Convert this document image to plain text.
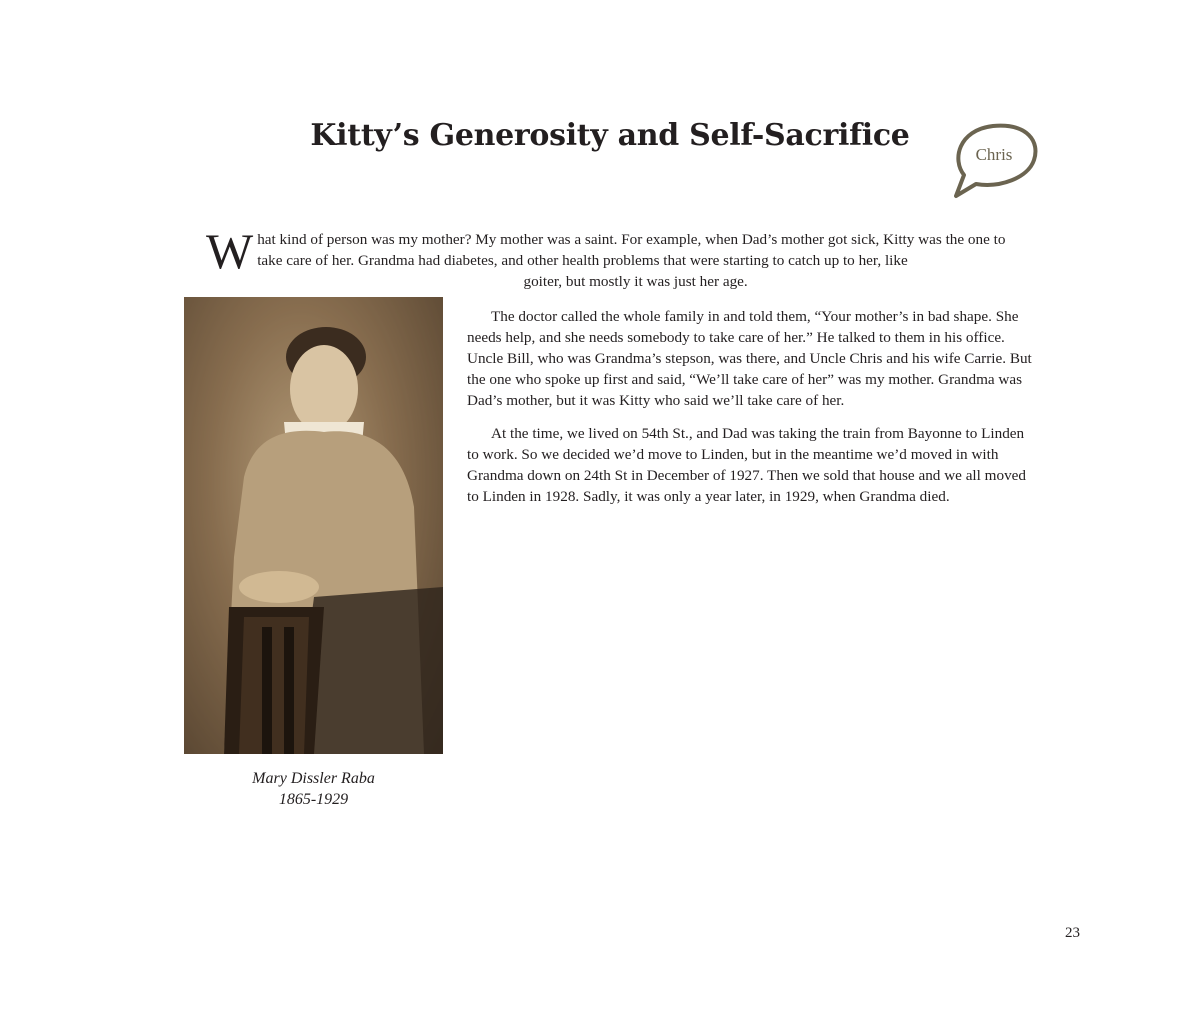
Kitty’s Generosity and Self-Sacrifice
Chris

W hat kind of person was my mother? My mother was a saint. For example, when Dad’s mother got sick, Kitty was the one to take care of her. Grandma had diabetes, and other health problems that were starting to catch up to her, like
goiter, but mostly it was just her age.

Mary Dissler Raba
1865-1929

The doctor called the whole family in and told them, “Your mother’s in bad shape. She needs help, and she needs somebody to take care of her.” He talked to them in his office. Uncle Bill, who was Grandma’s stepson, was there, and Uncle Chris and his wife Carrie. But the one who spoke up first and said, “We’ll take care of her” was my mother. Grandma was Dad’s mother, but it was Kitty who said we’ll take care of her.

At the time, we lived on 54th St., and Dad was taking the train from Bayonne to Linden to work. So we decided we’d move to Linden, but in the meantime we’d moved in with Grandma down on 24th St in December of 1927. Then we sold that house and we all moved to Linden in 1928. Sadly, it was only a year later, in 1929, when Grandma died.

23
